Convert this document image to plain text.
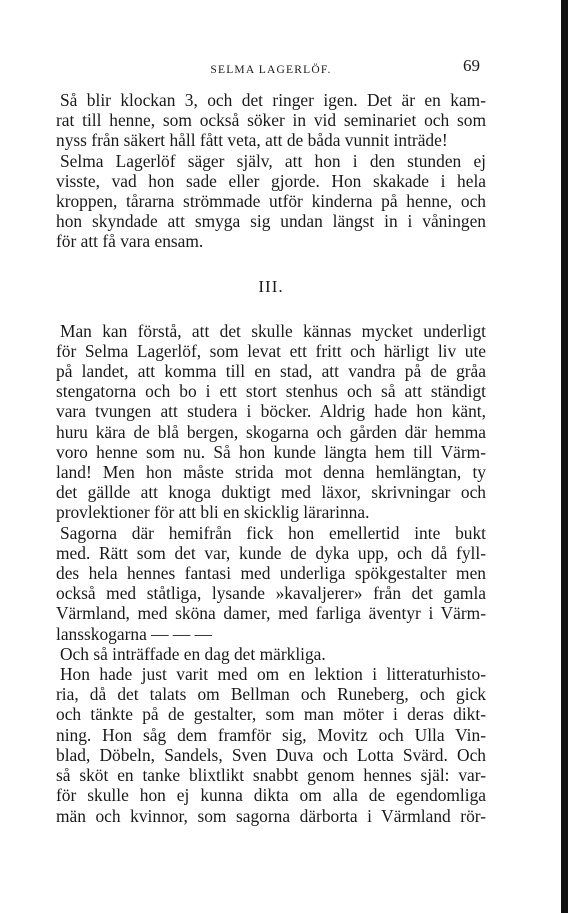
SELMA LAGERLÖF.	69
Så blir klockan 3, och det ringer igen. Det är en kam-
rat till henne, som också söker in vid seminariet och som
nyss från säkert håll fått veta, att de båda vunnit inträde!
Selma Lagerlöf säger själv, att hon i den stunden ej
visste, vad hon sade eller gjorde. Hon skakade i hela
kroppen, tårarna strömmade utför kinderna på henne, och
hon skyndade att smyga sig undan längst in i våningen
för att få vara ensam.
III.
Man kan förstå, att det skulle kännas mycket underligt
för Selma Lagerlöf, som levat ett fritt och härligt liv ute
på landet, att komma till en stad, att vandra på de gråa
stengatorna och bo i ett stort stenhus och så att ständigt
vara tvungen att studera i böcker. Aldrig hade hon känt,
huru kära de blå bergen, skogarna och gården där hemma
voro henne som nu. Så hon kunde längta hem till Värm-
land! Men hon måste strida mot denna hemlängtan, ty
det gällde att knoga duktigt med läxor, skrivningar och
provlektioner för att bli en skicklig lärarinna.
Sagorna där hemifrån fick hon emellertid inte bukt
med. Rätt som det var, kunde de dyka upp, och då fyll-
des hela hennes fantasi med underliga spökgestalter men
också med ståtliga, lysande »kavaljerer» från det gamla
Värmland, med sköna damer, med farliga äventyr i Värm-
lansskogarna — — —
Och så inträffade en dag det märkliga.
Hon hade just varit med om en lektion i litteraturhisto-
ria, då det talats om Bellman och Runeberg, och gick
och tänkte på de gestalter, som man möter i deras dikt-
ning. Hon såg dem framför sig, Movitz och Ulla Vin-
blad, Döbeln, Sandels, Sven Duva och Lotta Svärd. Och
så sköt en tanke blixtlikt snabbt genom hennes själ: var-
för skulle hon ej kunna dikta om alla de egendomliga
män och kvinnor, som sagorna därborta i Värmland rör-
